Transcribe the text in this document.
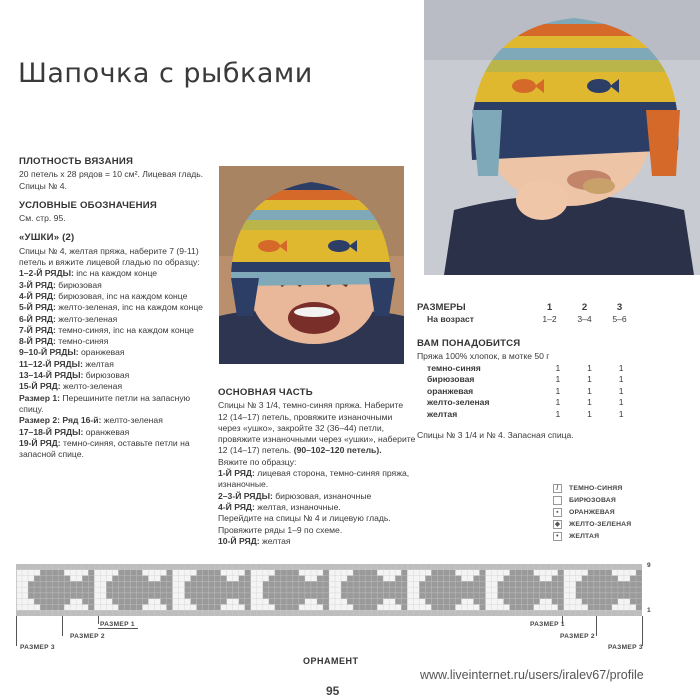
Шапочка с рыбками
ПЛОТНОСТЬ ВЯЗАНИЯ

20 петель х 28 рядов = 10 см². Лицевая гладь.

Спицы № 4.

УСЛОВНЫЕ ОБОЗНАЧЕНИЯ

См. стр. 95.

«УШКИ» (2)

Спицы № 4, желтая пряжа, наберите 7 (9-11)

петель и вяжите лицевой гладью по образцу:

1–2-Й РЯДЫ: inc на каждом конце

3-Й РЯД: бирюзовая

4-Й РЯД: бирюзовая, inc на каждом конце

5-Й РЯД: желто-зеленая, inc на каждом конце

6-Й РЯД: желто-зеленая

7-Й РЯД: темно-синяя, inc на каждом конце

8-Й РЯД: темно-синяя

9–10-Й РЯДЫ: оранжевая

11–12-Й РЯДЫ: желтая

13–14-Й РЯДЫ: бирюзовая

15-Й РЯД: желто-зеленая

Размер 1: Перешините петли на запасную

спицу.

Размер 2: Ряд 16-й: желто-зеленая

17–18-Й РЯДЫ: оранжевая

19-Й РЯД: темно-синяя, оставьте петли на

запасной спице.

ОСНОВНАЯ ЧАСТЬ

Спицы № 3 1/4, темно-синяя пряжа. Наберите

12 (14–17) петель, провяжите изнаночными

через «ушко», закройте 32 (36–44) петли,

провяжите изнаночными через «ушки», наберите

12 (14–17) петель. (90–102–120 петель).

Вяжите по образцу:

1-Й РЯД: лицевая сторона, темно-синяя пряжа,

изнаночные.

2–3-Й РЯДЫ: бирюзовая, изнаночные

4-Й РЯД: желтая, изнаночные.

Перейдите на спицы № 4 и лицевую гладь.

Провяжите ряды 1–9 по схеме.

10-Й РЯД: желтая

РАЗМЕРЫ	1	2	3
На возраст	1–2	3–4	5–6
ВАМ ПОНАДОБИТСЯ
Пряжа 100% хлопок, в мотке 50 г
темно-синяя	1	1	1
бирюзовая	1	1	1
оранжевая	1	1	1
желто-зеленая	1	1	1
желтая	1	1	1
Спицы № 3 1/4 и № 4. Запасная спица.
/	ТЕМНО-СИНЯЯ
БИРЮЗОВАЯ
▪	ОРАНЖЕВАЯ
◆ ЖЕЛТО-ЗЕЛЕНАЯ
•	ЖЕЛТАЯ
9
1
РАЗМЕР 1
РАЗМЕР 2
РАЗМЕР 3
РАЗМЕР 1
РАЗМЕР 2
РАЗМЕР 3
ОРНАМЕНТ
95
www.liveinternet.ru/users/iralev67/profile
